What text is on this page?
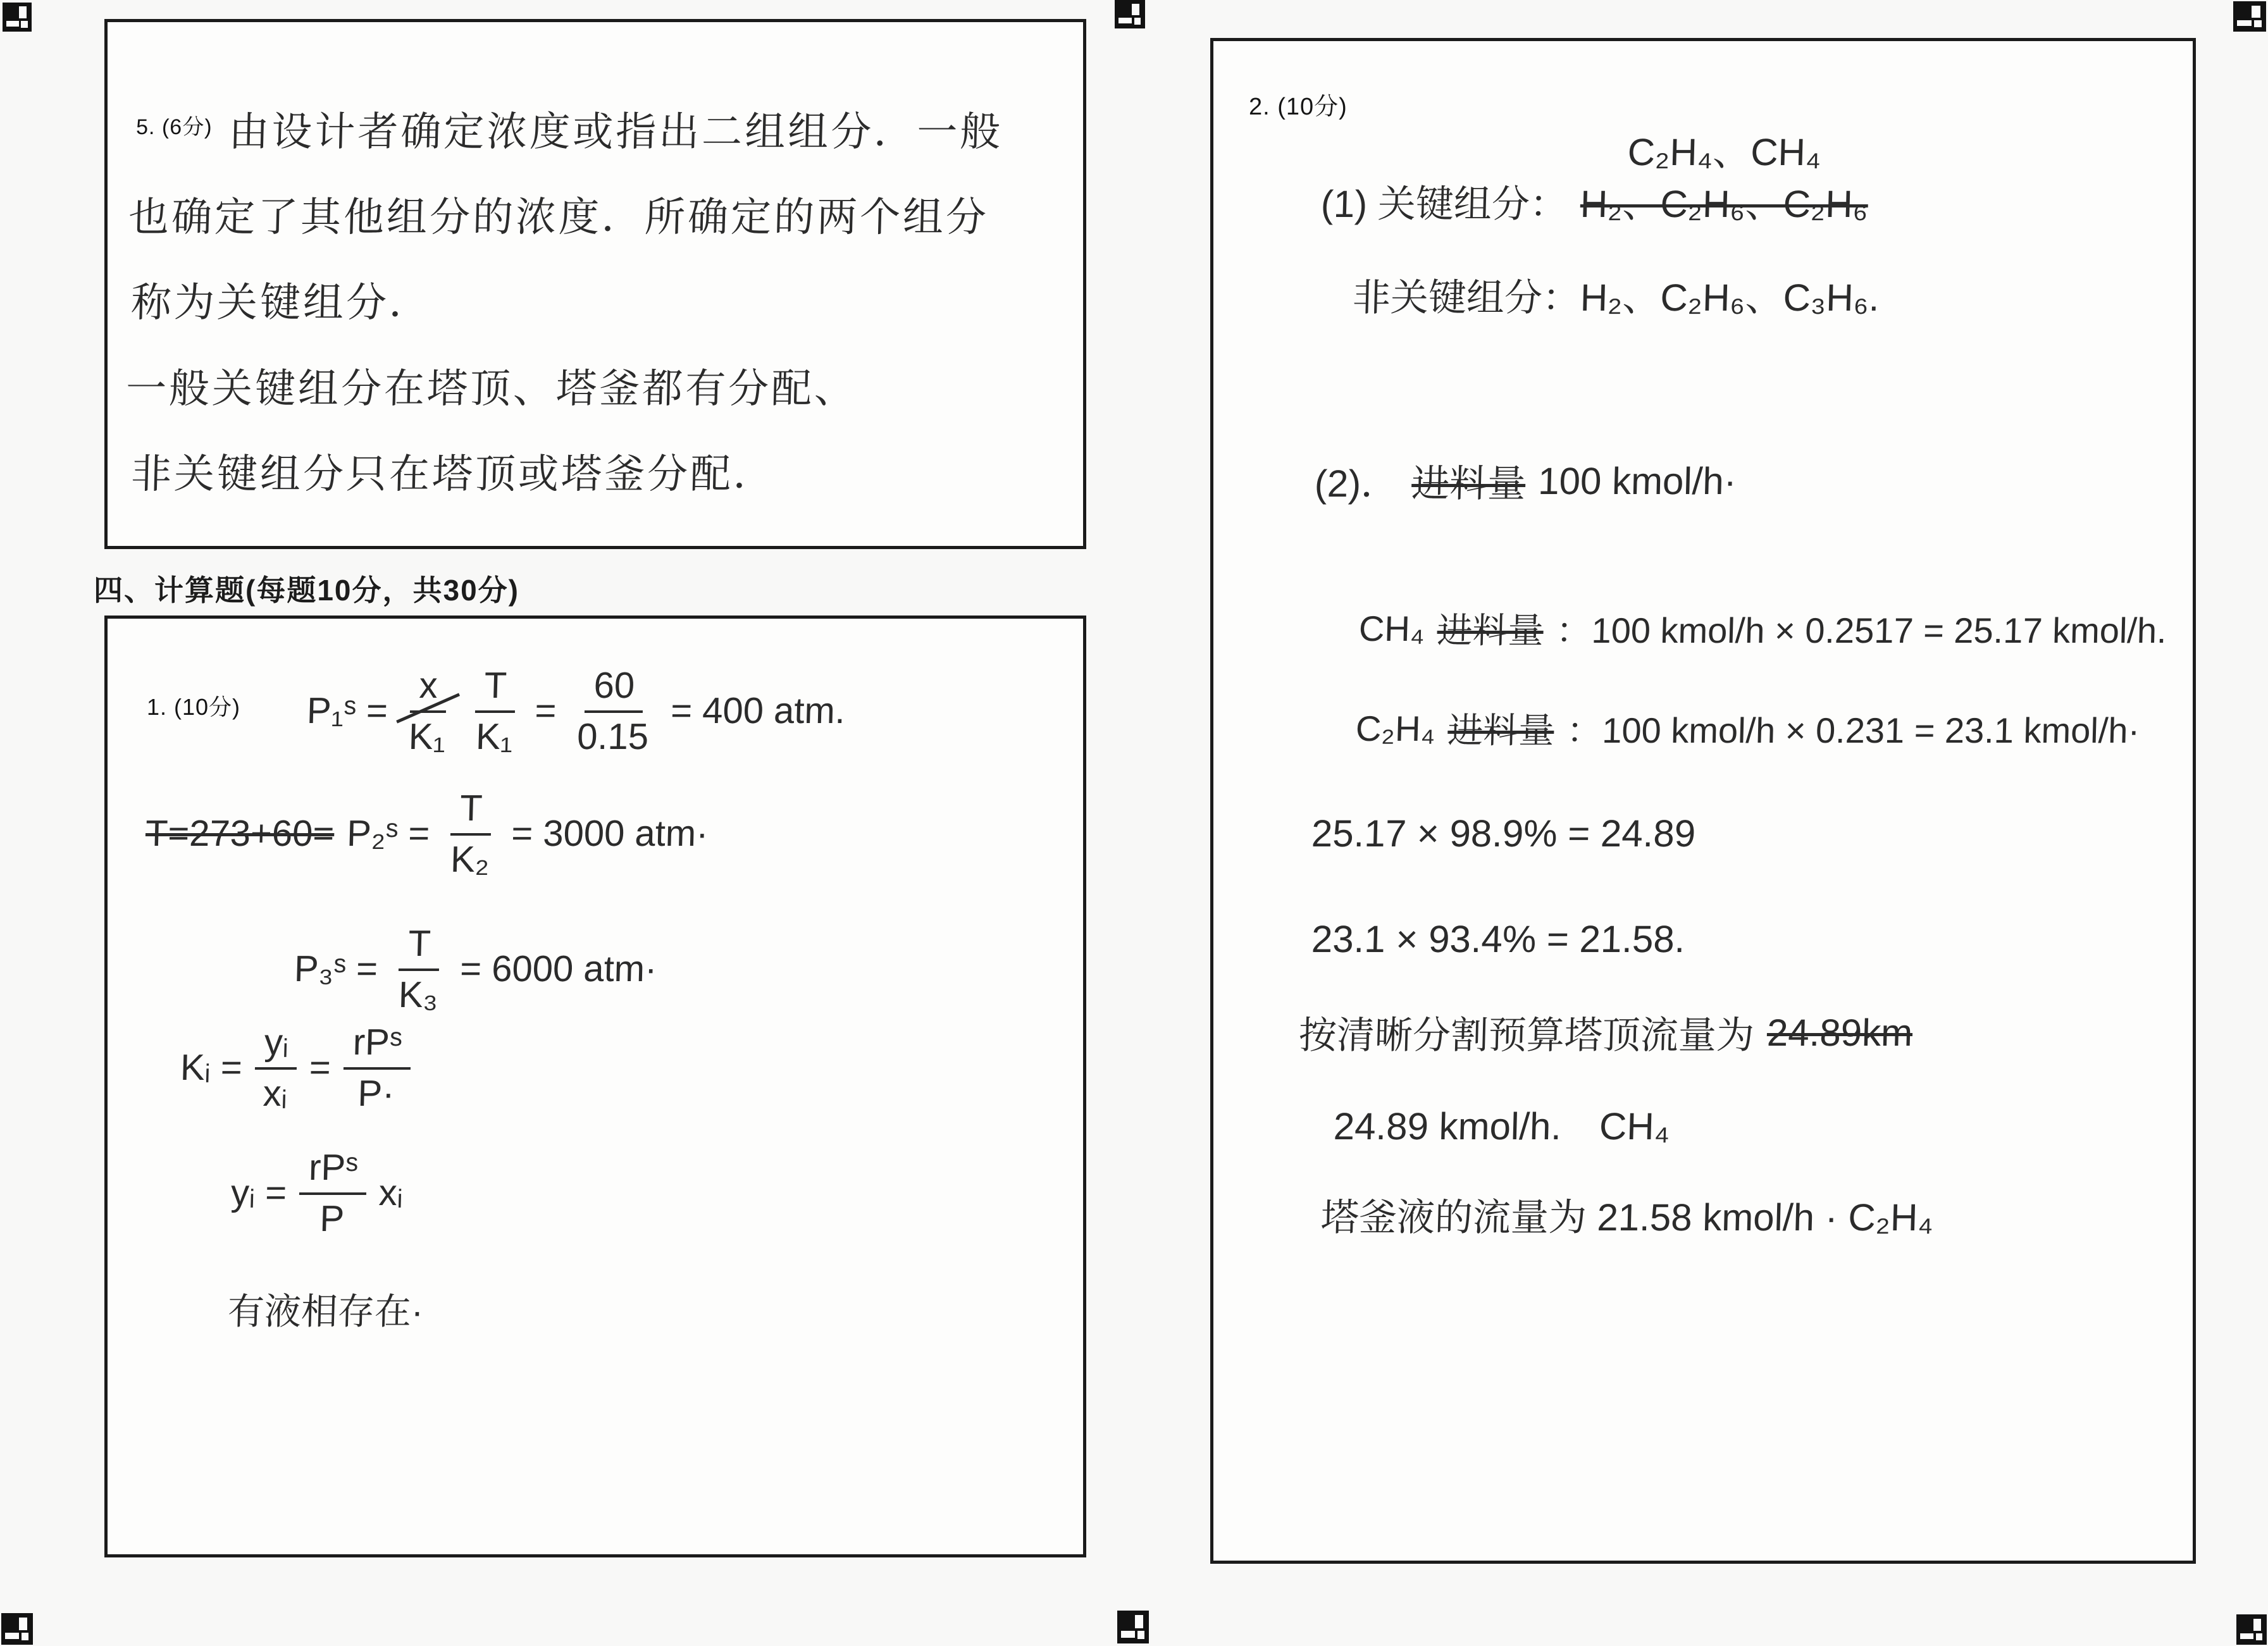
$^{5. (6分)}$ 由设计者确定浓度或指出二组组分．一般
也确定了其他组分的浓度．所确定的两个组分
称为关键组分．
一般关键组分在塔顶、塔釜都有分配、
非关键组分只在塔顶或塔釜分配．
四、计算题(每题10分，共30分)
1. (10分) P₁ˢ = $\frac{x}{\text{K₁}} \frac{T}{\text{K₁}} = \frac{60}{0.15} = 400$ atm.
T=273+60= P₂ˢ = $\frac{T}{\text{K₂}} = 3000$ atm·
P₃ˢ = $\frac{T}{\text{K₃}} = 6000$ atm·
Kᵢ = $\frac{\text{yᵢ}}{\text{xᵢ}} = \frac{\text{rPˢ}}{P\cdot}$
yᵢ = $\frac{\text{rPˢ}}{P}$ xᵢ
有液相存在·
2. (10分)
(1) 关键组分： H₂、C₂H₆、C₂H₆
C₂H₄、CH₄
非关键组分：H₂、C₂H₆、C₃H₆.
(2)． 进料量 100 kmol/h·
CH₄ 进料量 ：100 kmol/h × 0.2517 = 25.17 kmol/h.
C₂H₄ 进料量 ：100 kmol/h × 0.231 = 23.1 kmol/h·
25.17 × 98.9% = 24.89
23.1 × 93.4% = 21.58.
按清晰分割预算塔顶流量为 24.89km
24.89 kmol/h.　CH₄
塔釜液的流量为 21.58 kmol/h · C₂H₄
